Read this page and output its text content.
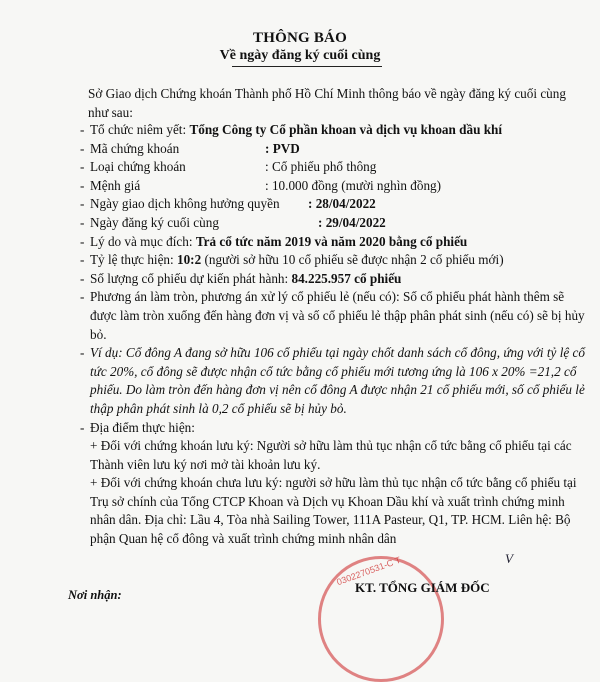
THÔNG BÁO
Về ngày đăng ký cuối cùng
Sở Giao dịch Chứng khoán Thành phố Hồ Chí Minh thông báo về ngày đăng ký cuối cùng như sau:
- Tổ chức niêm yết: Tổng Công ty Cổ phần khoan và dịch vụ khoan dầu khí
- Mã chứng khoán	: PVD
- Loại chứng khoán	: Cổ phiếu phổ thông
- Mệnh giá	: 10.000 đồng (mười nghìn đồng)
- Ngày giao dịch không hưởng quyền	: 28/04/2022
- Ngày đăng ký cuối cùng	: 29/04/2022
- Lý do và mục đích: Trả cổ tức năm 2019 và năm 2020 bằng cổ phiếu
- Tỷ lệ thực hiện: 10:2 (người sở hữu 10 cổ phiếu sẽ được nhận 2 cổ phiếu mới)
- Số lượng cổ phiếu dự kiến phát hành: 84.225.957 cổ phiếu
- Phương án làm tròn, phương án xử lý cổ phiếu lẻ (nếu có): Số cổ phiếu phát hành thêm sẽ được làm tròn xuống đến hàng đơn vị và số cổ phiếu lẻ thập phân phát sinh (nếu có) sẽ bị hủy bỏ.
- Ví dụ: Cổ đông A đang sở hữu 106 cổ phiếu tại ngày chốt danh sách cổ đông, ứng với tỷ lệ cổ tức 20%, cổ đông sẽ được nhận cổ tức bằng cổ phiếu mới tương ứng là 106 x 20% =21,2 cổ phiếu. Do làm tròn đến hàng đơn vị nên cổ đông A được nhận 21 cổ phiếu mới, số cổ phiếu lẻ thập phân phát sinh là 0,2 cổ phiếu sẽ bị hủy bỏ.
- Địa điểm thực hiện:
+ Đối với chứng khoán lưu ký: Người sở hữu làm thủ tục nhận cổ tức bằng cổ phiếu tại các Thành viên lưu ký nơi mở tài khoản lưu ký.
+ Đối với chứng khoán chưa lưu ký: người sở hữu làm thủ tục nhận cổ tức bằng cổ phiếu tại Trụ sở chính của Tổng CTCP Khoan và Dịch vụ Khoan Dầu khí và xuất trình chứng minh nhân dân. Địa chỉ: Lầu 4, Tòa nhà Sailing Tower, 111A Pasteur, Q1, TP. HCM. Liên hệ: Bộ phận Quan hệ cổ đông và xuất trình chứng minh nhân dân
V
0302270531-C T
Nơi nhận:	KT. TỔNG GIÁM ĐỐC
